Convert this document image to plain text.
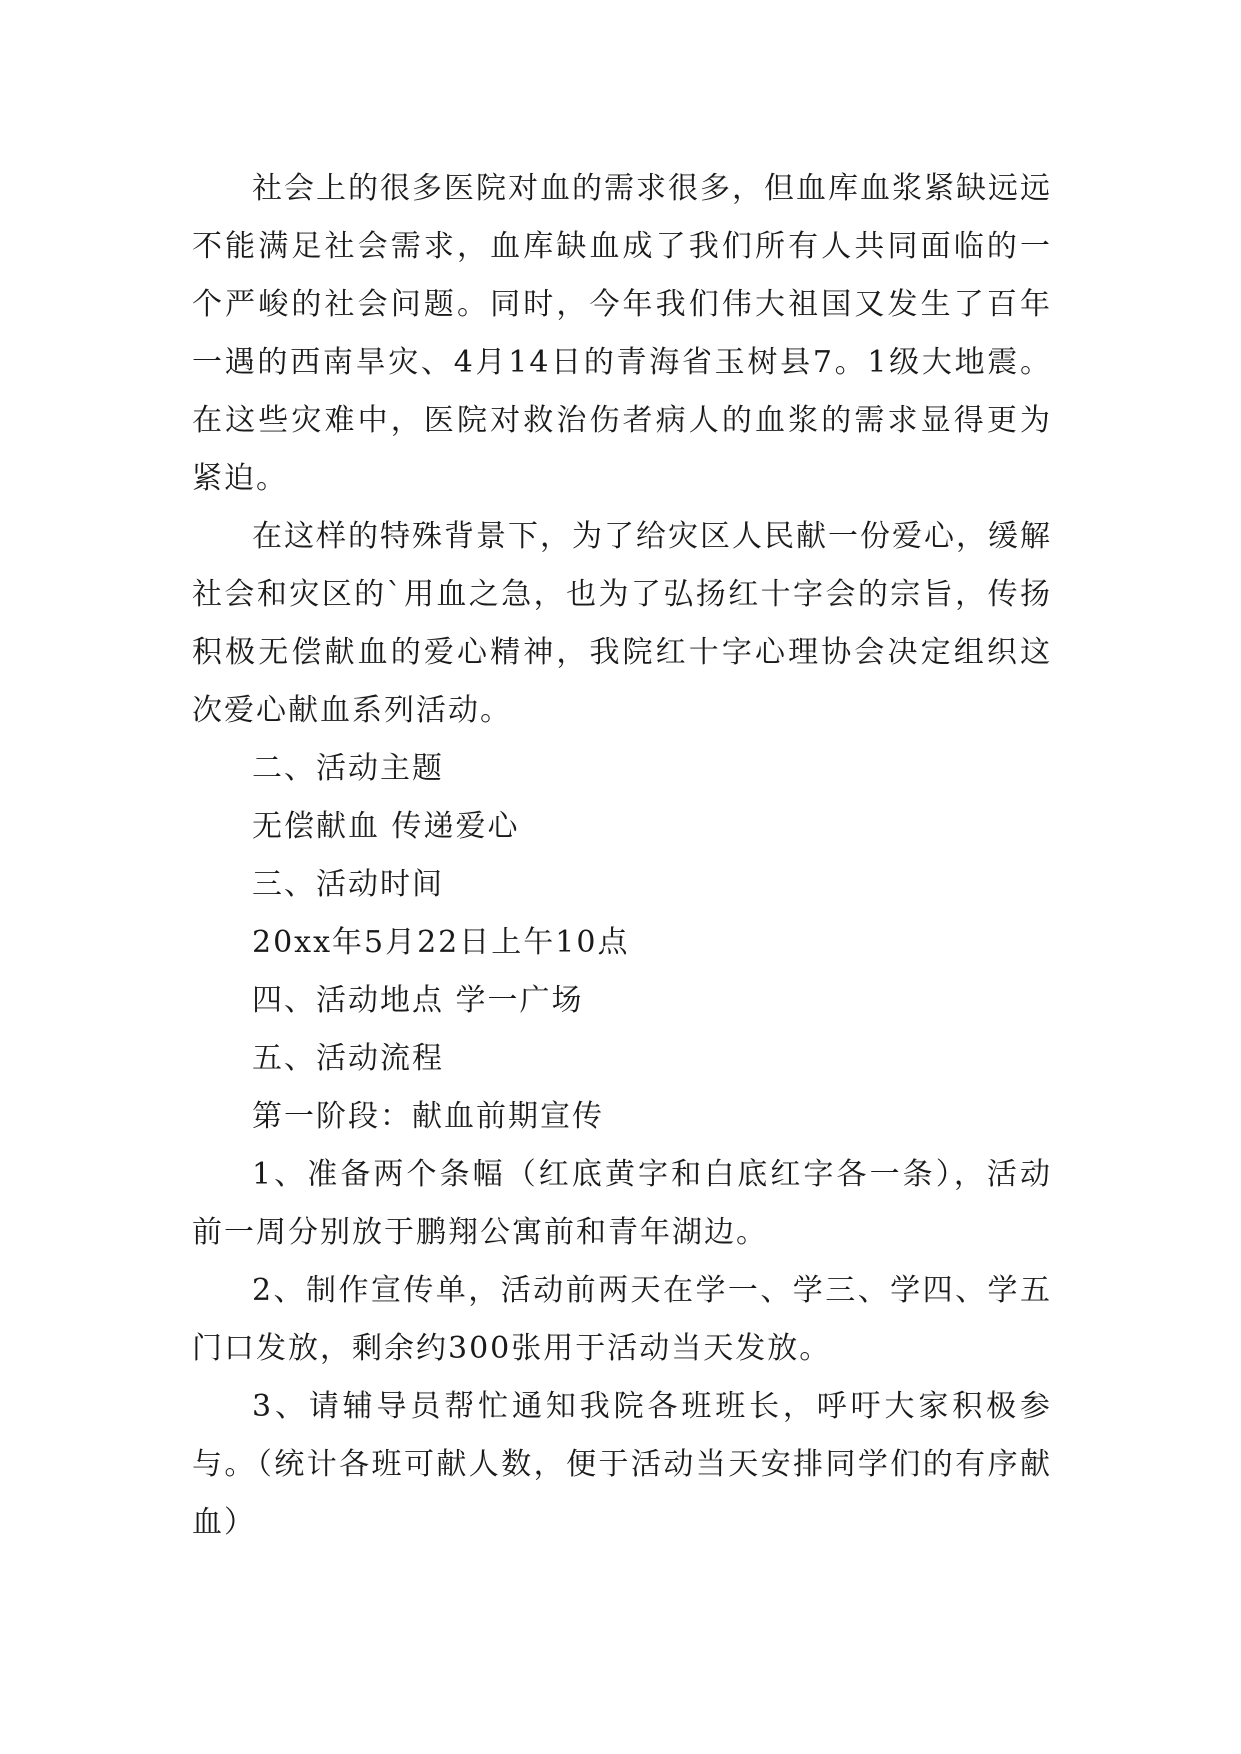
社会上的很多医院对血的需求很多，但血库血浆紧缺远远不能满足社会需求，血库缺血成了我们所有人共同面临的一个严峻的社会问题。同时，今年我们伟大祖国又发生了百年一遇的西南旱灾、4月14日的青海省玉树县7。1级大地震。在这些灾难中，医院对救治伤者病人的血浆的需求显得更为紧迫。

在这样的特殊背景下，为了给灾区人民献一份爱心，缓解社会和灾区的`用血之急，也为了弘扬红十字会的宗旨，传扬积极无偿献血的爱心精神，我院红十字心理协会决定组织这次爱心献血系列活动。

二、活动主题

无偿献血 传递爱心

三、活动时间

20xx年5月22日上午10点

四、活动地点 学一广场

五、活动流程

第一阶段：献血前期宣传

1、准备两个条幅（红底黄字和白底红字各一条），活动前一周分别放于鹏翔公寓前和青年湖边。

2、制作宣传单，活动前两天在学一、学三、学四、学五门口发放，剩余约300张用于活动当天发放。

3、请辅导员帮忙通知我院各班班长，呼吁大家积极参与。（统计各班可献人数，便于活动当天安排同学们的有序献血）
